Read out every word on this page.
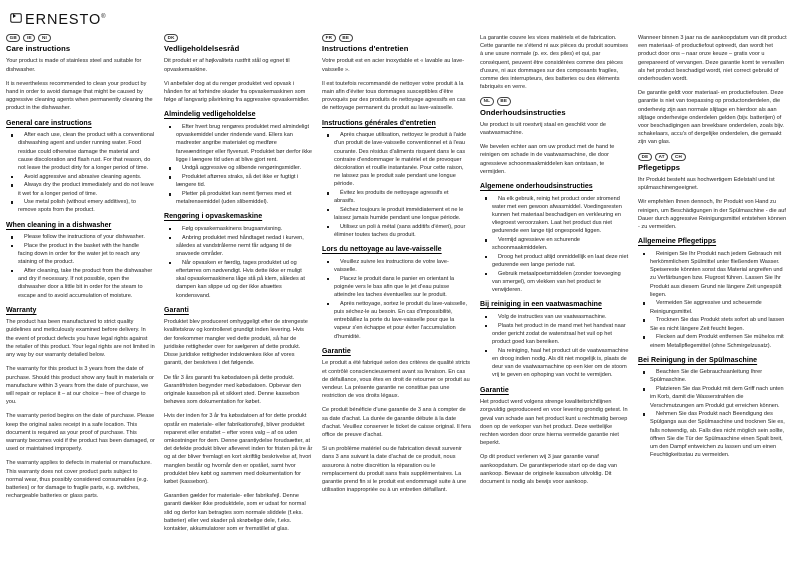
ERNESTO®
GB	IE	NI
Care instructions

Your product is made of stainless steel and suitable for dishwasher.

It is nevertheless recommended to clean your product by hand in order to avoid damage that might be caused by aggressive cleaning agents when permanently cleaning the product in the dishwasher.

General care instructions
After each use, clean the product with a conventional dishwashing agent and under running water. Food residue could otherwise damage the material and cause discoloration and flash rust. For that reason, do not leave the product dirty for a longer period of time.
Avoid aggressive and abrasive cleaning agents.
Always dry the product immediately and do not leave it wet for a longer period of time.
Use metal polish (without emery additives), to remove spots from the product.
When cleaning in a dishwasher
Please follow the instructions of your dishwasher.
Place the product in the basket with the handle facing down in order for the water jet to reach any staining of the product.
After cleaning, take the product from the dishwasher and dry if necessary. If not possible, open the dishwasher door a little bit in order for the steam to escape and to avoid accumulation of moisture.
Warranty

The product has been manufactured to strict quality guidelines and meticulously examined before delivery. In the event of product defects you have legal rights against the retailer of this product. Your legal rights are not limited in any way by our warranty detailed below.

The warranty for this product is 3 years from the date of purchase. Should this product show any fault in materials or manufacture within 3 years from the date of purchase, we will repair or replace it – at our choice – free of charge to you.

The warranty period begins on the date of purchase. Please keep the original sales receipt in a safe location. This document is required as your proof of purchase. This warranty becomes void if the product has been damaged, or used or maintained improperly.

The warranty applies to defects in material or manufacture. This warranty does not cover product parts subject to normal wear, thus possibly considered consumables (e.g. batteries) or for damage to fragile parts, e.g. switches, rechargeable batteries or glass parts.

DK
Vedligeholdelsesråd

Dit produkt er af højkvalitets rustfrit stål og egnet til opvaskemaskine.

Vi anbefaler dog at du rengør produktet ved opvask i hånden for at forhindre skader fra opvaskemaskinen som følge af langvarig påvirkning fra aggressive opvaskemidler.

Almindelig vedligeholdelse
Efter hvert brug rengøres produktet med almindeligt opvaskemiddel under rindende vand. Ellers kan madrester angribe materialet og medføre farveændringer eller flyverust. Produktet bør derfor ikke ligge i længere tid uden at blive gjort rent.
Undgå aggressive og slibende rengøringsmidler.
Produktet aftørres straks, så det ikke er fugtigt i længere tid.
Pletter på produktet kan nemt fjernes med et metalrensemiddel (uden slibemiddel).
Rengøring i opvaskemaskine
Følg opvaskemaskinens brugsanvisning.
Anbring produktet med håndtaget nedad i kurven, således at vandstrålerne nemt får adgang til de snavsede områder.
Når opvasken er færdig, tages produktet ud og eftertørres om nødvendigt. Hvis dette ikke er muligt skal opvaskemaskinens låge stå på klem, således at dampen kan slippe ud og der ikke afsættes kondensvand.
Garanti

Produktet blev produceret omhyggeligt efter de strengeste kvalitetskrav og kontrolleret grundigt inden levering. Hvis der forekommer mangler ved dette produkt, så har de juridiske rettigheder over for sælgeren af dette produkt. Disse juridiske rettigheder indskrænkes ikke af vores garanti, der beskrives i det følgende.

De får 3 års garanti fra købsdatoen på dette produkt. Garantifristen begynder med købsdatoen. Opbevar den originale kassebon på et sikkert sted. Denne kassebon behøves som dokumentation for købet.

Hvis der inden for 3 år fra købsdatoen af for dette produkt opstår en materiale- eller fabrikationsfejl, bliver produktet repareret eller erstattet – efter vores valg – af os uden omkostninger for dem. Denne garantiydelse forudsætter, at det defekte produkt bliver afleveret inden for fristen på tre år og at der bliver fremlagt en kort skriftlig beskrivelse af, hvori manglen består og hvornår den er opstået, samt hvor produktet blev købt og sammen med dokumentation for købet (kassebon).

Garantien gælder for materiale- eller fabriksfejl. Denne garanti dækker ikke produktdele, som er udsat for normal slid og derfor kan betragtes som normale sliddele (f.eks. batterier) eller ved skader på skrøbelige dele, f.eks. kontakter, akkumulatorer som er fremstillet af glas.

FR	BE
Instructions d'entretien

Votre produit est en acier inoxydable et « lavable au lave-vaisselle ».

Il est toutefois recommandé de nettoyer votre produit à la main afin d'éviter tous dommages susceptibles d'être provoqués par des produits de nettoyage agressifs en cas de nettoyage permanent du produit au lave-vaisselle.

Instructions générales d'entretien
Après chaque utilisation, nettoyez le produit à l'aide d'un produit de lave-vaisselle conventionnel et à l'eau courante. Des résidus d'aliments risquent dans le cas contraire d'endommager le matériel et de provoquer décoloration et rouille instantanée. Pour cette raison, ne laissez pas le produit sale pendant une longue période.
Évitez les produits de nettoyage agressifs et abrasifs.
Séchez toujours le produit immédiatement et ne le laissez jamais humide pendant une longue période.
Utilisez un poli à métal (sans additifs d'émeri), pour éliminer toutes taches du produit.
Lors du nettoyage au lave-vaisselle
Veuillez suivre les instructions de votre lave-vaisselle.
Placez le produit dans le panier en orientant la poignée vers le bas afin que le jet d'eau puisse atteindre les taches éventuelles sur le produit.
Après nettoyage, sortez le produit du lave-vaisselle, puis séchez-le au besoin. En cas d'impossibilité, entrebâillez la porte du lave-vaisselle pour que la vapeur s'en échappe et pour éviter l'accumulation d'humidité.
Garantie

Le produit a été fabriqué selon des critères de qualité stricts et contrôlé consciencieusement avant sa livraison. En cas de défaillance, vous êtes en droit de retourner ce produit au vendeur. La présente garantie ne constitue pas une restriction de vos droits légaux.

Ce produit bénéficie d'une garantie de 3 ans à compter de sa date d'achat. La durée de garantie débute à la date d'achat. Veuillez conserver le ticket de caisse original. Il fera office de preuve d'achat.

Si un problème matériel ou de fabrication devait survenir dans 3 ans suivant la date d'achat de ce produit, nous assurons à notre discrétion la réparation ou le remplacement du produit sans frais supplémentaires. La garantie prend fin si le produit est endommagé suite à une utilisation inappropriée ou à un entretien défaillant.

La garantie couvre les vices matériels et de fabrication. Cette garantie ne s'étend ni aux pièces du produit soumises à une usure normale (p. ex. des piles) et qui, par conséquent, peuvent être considérées comme des pièces d'usure, ni aux dommages sur des composants fragiles, comme des interrupteurs, des batteries ou des éléments fabriqués en verre.

NL	BE
Onderhoudsinstructies

Uw product is uit roestvrij staal en geschikt voor de vaatwasmachine.

We bevelen echter aan om uw product met de hand te reinigen om schade in de vaatwasmachine, die door agressieve schoonmaakmiddelen kan ontstaan, te vermijden.

Algemene onderhoudsinstructies
Na elk gebruik, reinig het product onder stromend water met een gewoon afwasmiddel. Voedingsresten kunnen het materiaal beschadigen en verkleuring en vliegroest veroorzaken. Laat het product dus niet gedurende een lange tijd ongespoeld liggen.
Vermijd agressieve en schurende schoonmaakmiddelen.
Droog het product altijd onmiddellijk en laat deze niet gedurende een lange periode nat.
Gebruik metaalpoetsmiddelen (zonder toevoeging van smergel), om vlekken van het product te verwijderen.
Bij reiniging in een vaatwasmachine
Volg de instructies van uw vaatwasmachine.
Plaats het product in de mand met het handvat naar onder gericht zodat de waterstraal het vuil op het product goed kan bereiken.
Na reiniging, haal het product uit de vaatwasmachine en droog indien nodig. Als dit niet mogelijk is, plaats de deur van de vaatwasmachine op een kier om de stoom vrij te geven en ophoping van vocht te vermijden.
Garantie

Het product werd volgens strenge kwaliteitsrichtlijnen zorgvuldig geproduceerd en voor levering grondig getest. In geval van schade aan het product kunt u rechtmatig beroep doen op de verkoper van het product. Deze wettelijke rechten worden door onze hierna vermelde garantie niet beperkt.

Op dit product verlenen wij 3 jaar garantie vanaf aankoopdatum. De garantieperiode start op de dag van aankoop. Bewaar de originele kassabon uitvoldig. Dit document is nodig als bewijs voor aankoop.

Wanneer binnen 3 jaar na de aankoopdatum van dit product een materiaal- of productiefout optreedt, dan wordt het product door ons – naar onze keuze – gratis voor u gerepareerd of vervangen. Deze garantie komt te vervallen als het product beschadigd wordt, niet correct gebruikt of onderhouden wordt.

De garantie geldt voor materiaal- en productiefouten. Deze garantie is niet van toepassing op productonderdelen, die onderhevig zijn aan normale slijtage en hierdoor als aan slijtage onderhevige onderdelen gelden (bijv. batterijen) of voor beschadigingen aan breekbare onderdelen, zoals bijv. schakelaars, accu's of dergelijke onderdelen, die gemaakt zijn van glas.

DE	AT	CH
Pflegetipps

Ihr Produkt besteht aus hochwertigem Edelstahl und ist spülmaschinengeeignet.

Wir empfehlen Ihnen dennoch, Ihr Produkt von Hand zu reinigen, um Beschädigungen in der Spülmaschine - die auf Dauer durch aggressive Reinigungsmittel entstehen können - zu vermeiden.

Allgemeine Pflegetipps
Reinigen Sie Ihr Produkt nach jedem Gebrauch mit herkömmlichem Spülmittel unter fließendem Wasser. Speisereste könnten sonst das Material angreifen und zu Verfärbungen bzw. Flugrost führen. Lassen Sie Ihr Produkt aus diesem Grund nie längere Zeit ungespült liegen.
Vermeiden Sie aggressive und scheuernde Reinigungsmittel.
Trocknen Sie das Produkt stets sofort ab und lassen Sie es nicht längere Zeit feucht liegen.
Flecken auf dem Produkt entfernen Sie mühelos mit einem Metallpflegemittel (ohne Schmirgelzusatz).
Bei Reinigung in der Spülmaschine
Beachten Sie die Gebrauchsanleitung Ihrer Spülmaschine.
Platzieren Sie das Produkt mit dem Griff nach unten im Korb, damit die Wasserstrahlen die Verschmutzungen am Produkt gut erreichen können.
Nehmen Sie das Produkt nach Beendigung des Spülgangs aus der Spülmaschine und trocknen Sie es, falls notwendig, ab. Falls dies nicht möglich sein sollte, öffnen Sie die Tür der Spülmaschine einen Spalt breit, um den Dampf entweichen zu lassen und um einen Feuchtigkeitsstau zu vermeiden.
